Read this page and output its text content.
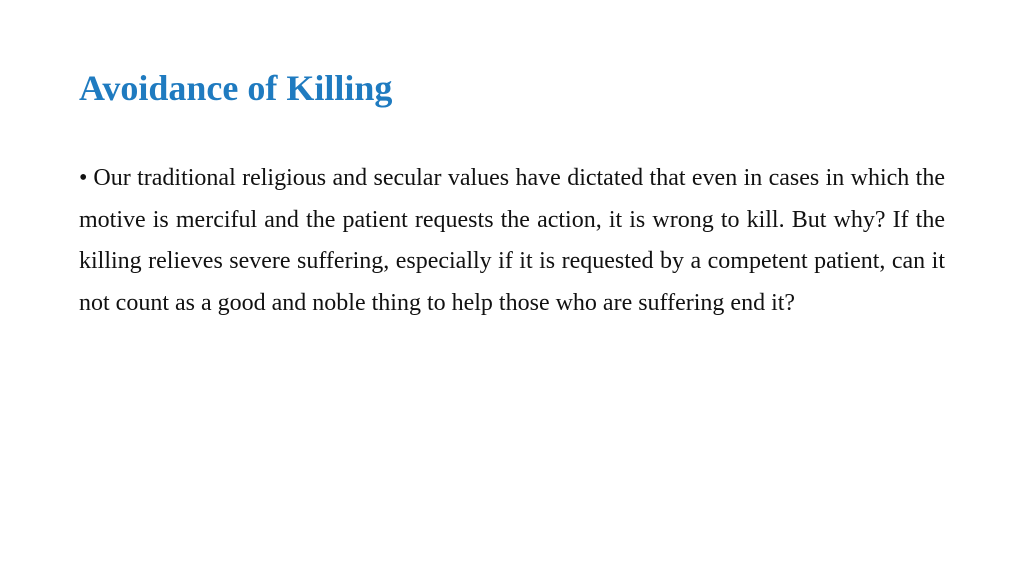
Avoidance of Killing
• Our traditional religious and secular values have dictated that even in cases in which the motive is merciful and the patient requests the action, it is wrong to kill. But why? If the killing relieves severe suffering, especially if it is requested by a competent patient, can it not count as a good and noble thing to help those who are suffering end it?
